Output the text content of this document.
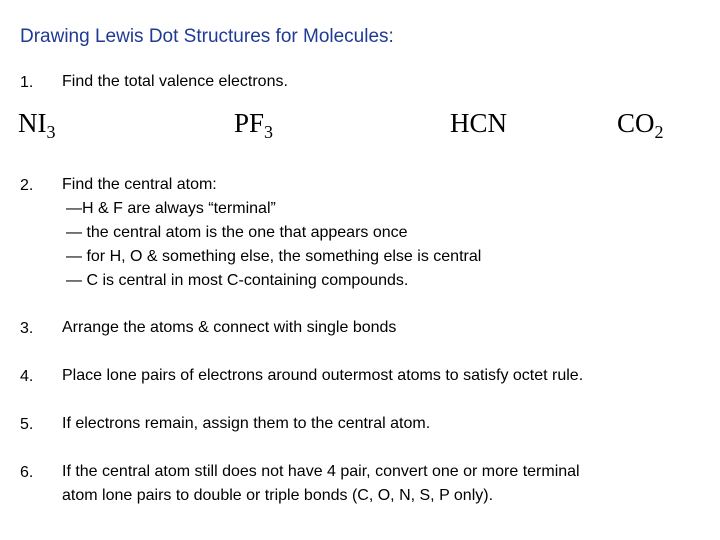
Drawing Lewis Dot Structures for Molecules:
1. Find the total valence electrons.
$NI_3$	$PF_3$	HCN	$CO_2$
2. Find the central atom:
—H & F are always “terminal”
— the central atom is the one that appears once
— for H, O & something else, the something else is central
— C is central in most C-containing compounds.
3. Arrange the atoms & connect with single bonds
4. Place lone pairs of electrons around outermost atoms to satisfy octet rule.
5. If electrons remain, assign them to the central atom.
6. If the central atom still does not have 4 pair, convert one or more terminal
atom lone pairs to double or triple bonds (C, O, N, S, P only).
